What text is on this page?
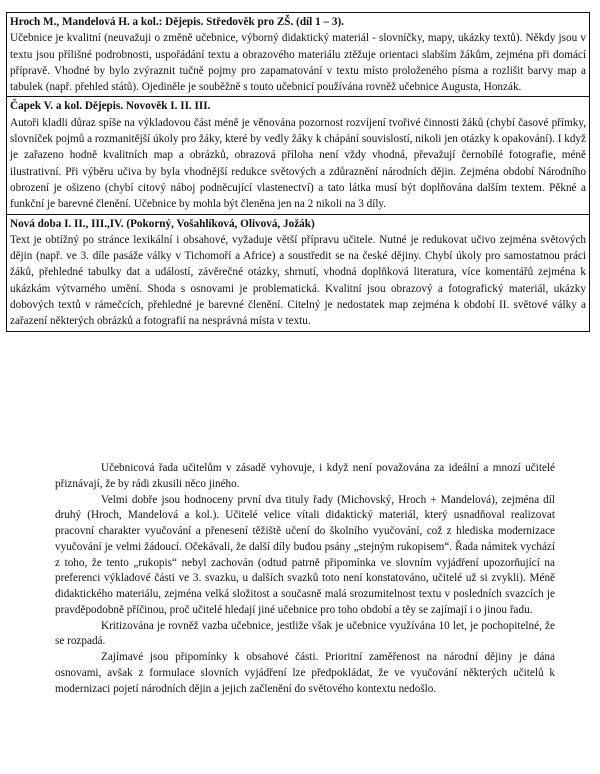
Hroch M., Mandelová H. a kol.: Dějepis. Středověk pro ZŠ. (díl 1 – 3).
Učebnice je kvalitní (neuvažuji o změně učebnice, výborný didaktický materiál - slovníčky, mapy, ukázky textů). Někdy jsou v textu jsou přílišné podrobnosti, uspořádání textu a obrazového materiálu ztěžuje orientaci slabším žákům, zejména při domácí přípravě. Vhodné by bylo zvýraznit tučně pojmy pro zapamatování v textu místo proloženého písma a rozlišit barvy map a tabulek (např. přehled států). Ojediněle je souběžně s touto učebnicí používána rovněž učebnice Augusta, Honzák.
Čapek V. a kol. Dějepis. Novověk I. II. III.
Autoři kladli důraz spíše na výkladovou část méně je věnována pozornost rozvíjení tvořivé činnosti žáků (chybí časové přímky, slovníček pojmů a rozmanitější úkoly pro žáky, které by vedly žáky k chápání souvislostí, nikoli jen otázky k opakování). I když je zařazeno hodně kvalitních map a obrázků, obrazová příloha není vždy vhodná, převažují černobílé fotografie, méně ilustrativní. Při výběru učiva by byla vhodnější redukce světových a zdůraznění národních dějin. Zejména období Národního obrození je ošizeno (chybí citový náboj podněcující vlastenectví) a tato látka musí být doplňována dalším textem. Pěkné a funkční je barevné členění. Učebnice by mohla být členěna jen na 2 nikoli na 3 díly.
Nová doba I. II., III.,IV. (Pokorný, Vošahlíková, Olivová, Jožák)
Text je obtížný po stránce lexikální i obsahové, vyžaduje větší přípravu učitele. Nutné je redukovat učivo zejména světových dějin (např. ve 3. díle pasáže války v Tichomoří a Africe) a soustředit se na české dějiny. Chybí úkoly pro samostatnou práci žáků, přehledné tabulky dat a událostí, závěrečné otázky, shrnutí, vhodná doplňková literatura, více komentářů zejména k ukázkám výtvarného umění. Shoda s osnovami je problematická. Kvalitní jsou obrazový a fotografický materiál, ukázky dobových textů v rámečcích, přehledné je barevné členění. Citelný je nedostatek map zejména k období II. světové války a zařazení některých obrázků a fotografií na nesprávná místa v textu.

Učebnicová řada učitelům v zásadě vyhovuje, i když není považována za ideální a mnozí učitelé přiznávají, že by rádi zkusili něco jiného.

Velmi dobře jsou hodnoceny první dva tituly řady (Michovský, Hroch + Mandelová), zejména díl druhý (Hroch, Mandelová a kol.). Učitelé velice vítali didaktický materiál, který usnadňoval realizovat pracovní charakter vyučování a přenesení těžiště učení do školního vyučování, což z hlediska modernizace vyučování je velmi žádoucí. Očekávali, že další díly budou psány „stejným rukopisem“. Řada námitek vychází z toho, že tento „rukopis“ nebyl zachován (odtud patrně připomínka ve slovním vyjádření upozorňující na preferenci výkladové části ve 3. svazku, u dalších svazků toto není konstatováno, učitelé už si zvykli). Méně didaktického materiálu, zejména velká složitost a současně malá srozumitelnost textu v posledních svazcích je pravděpodobně příčinou, proč učitelé hledají jiné učebnice pro toho období a těy se zajímají i o jinou řadu.

Kritizována je rovněž vazba učebnice, jestliže však je učebnice využívána 10 let, je pochopitelné, že se rozpadá.

Zajímavé jsou připomínky k obsahové části. Prioritní zaměřenost na národní dějiny je dána osnovami, avšak z formulace slovních vyjádření lze předpokládat, že ve vyučování některých učitelů k modernizaci pojetí národních dějin a jejich začlenění do světového kontextu nedošlo.
